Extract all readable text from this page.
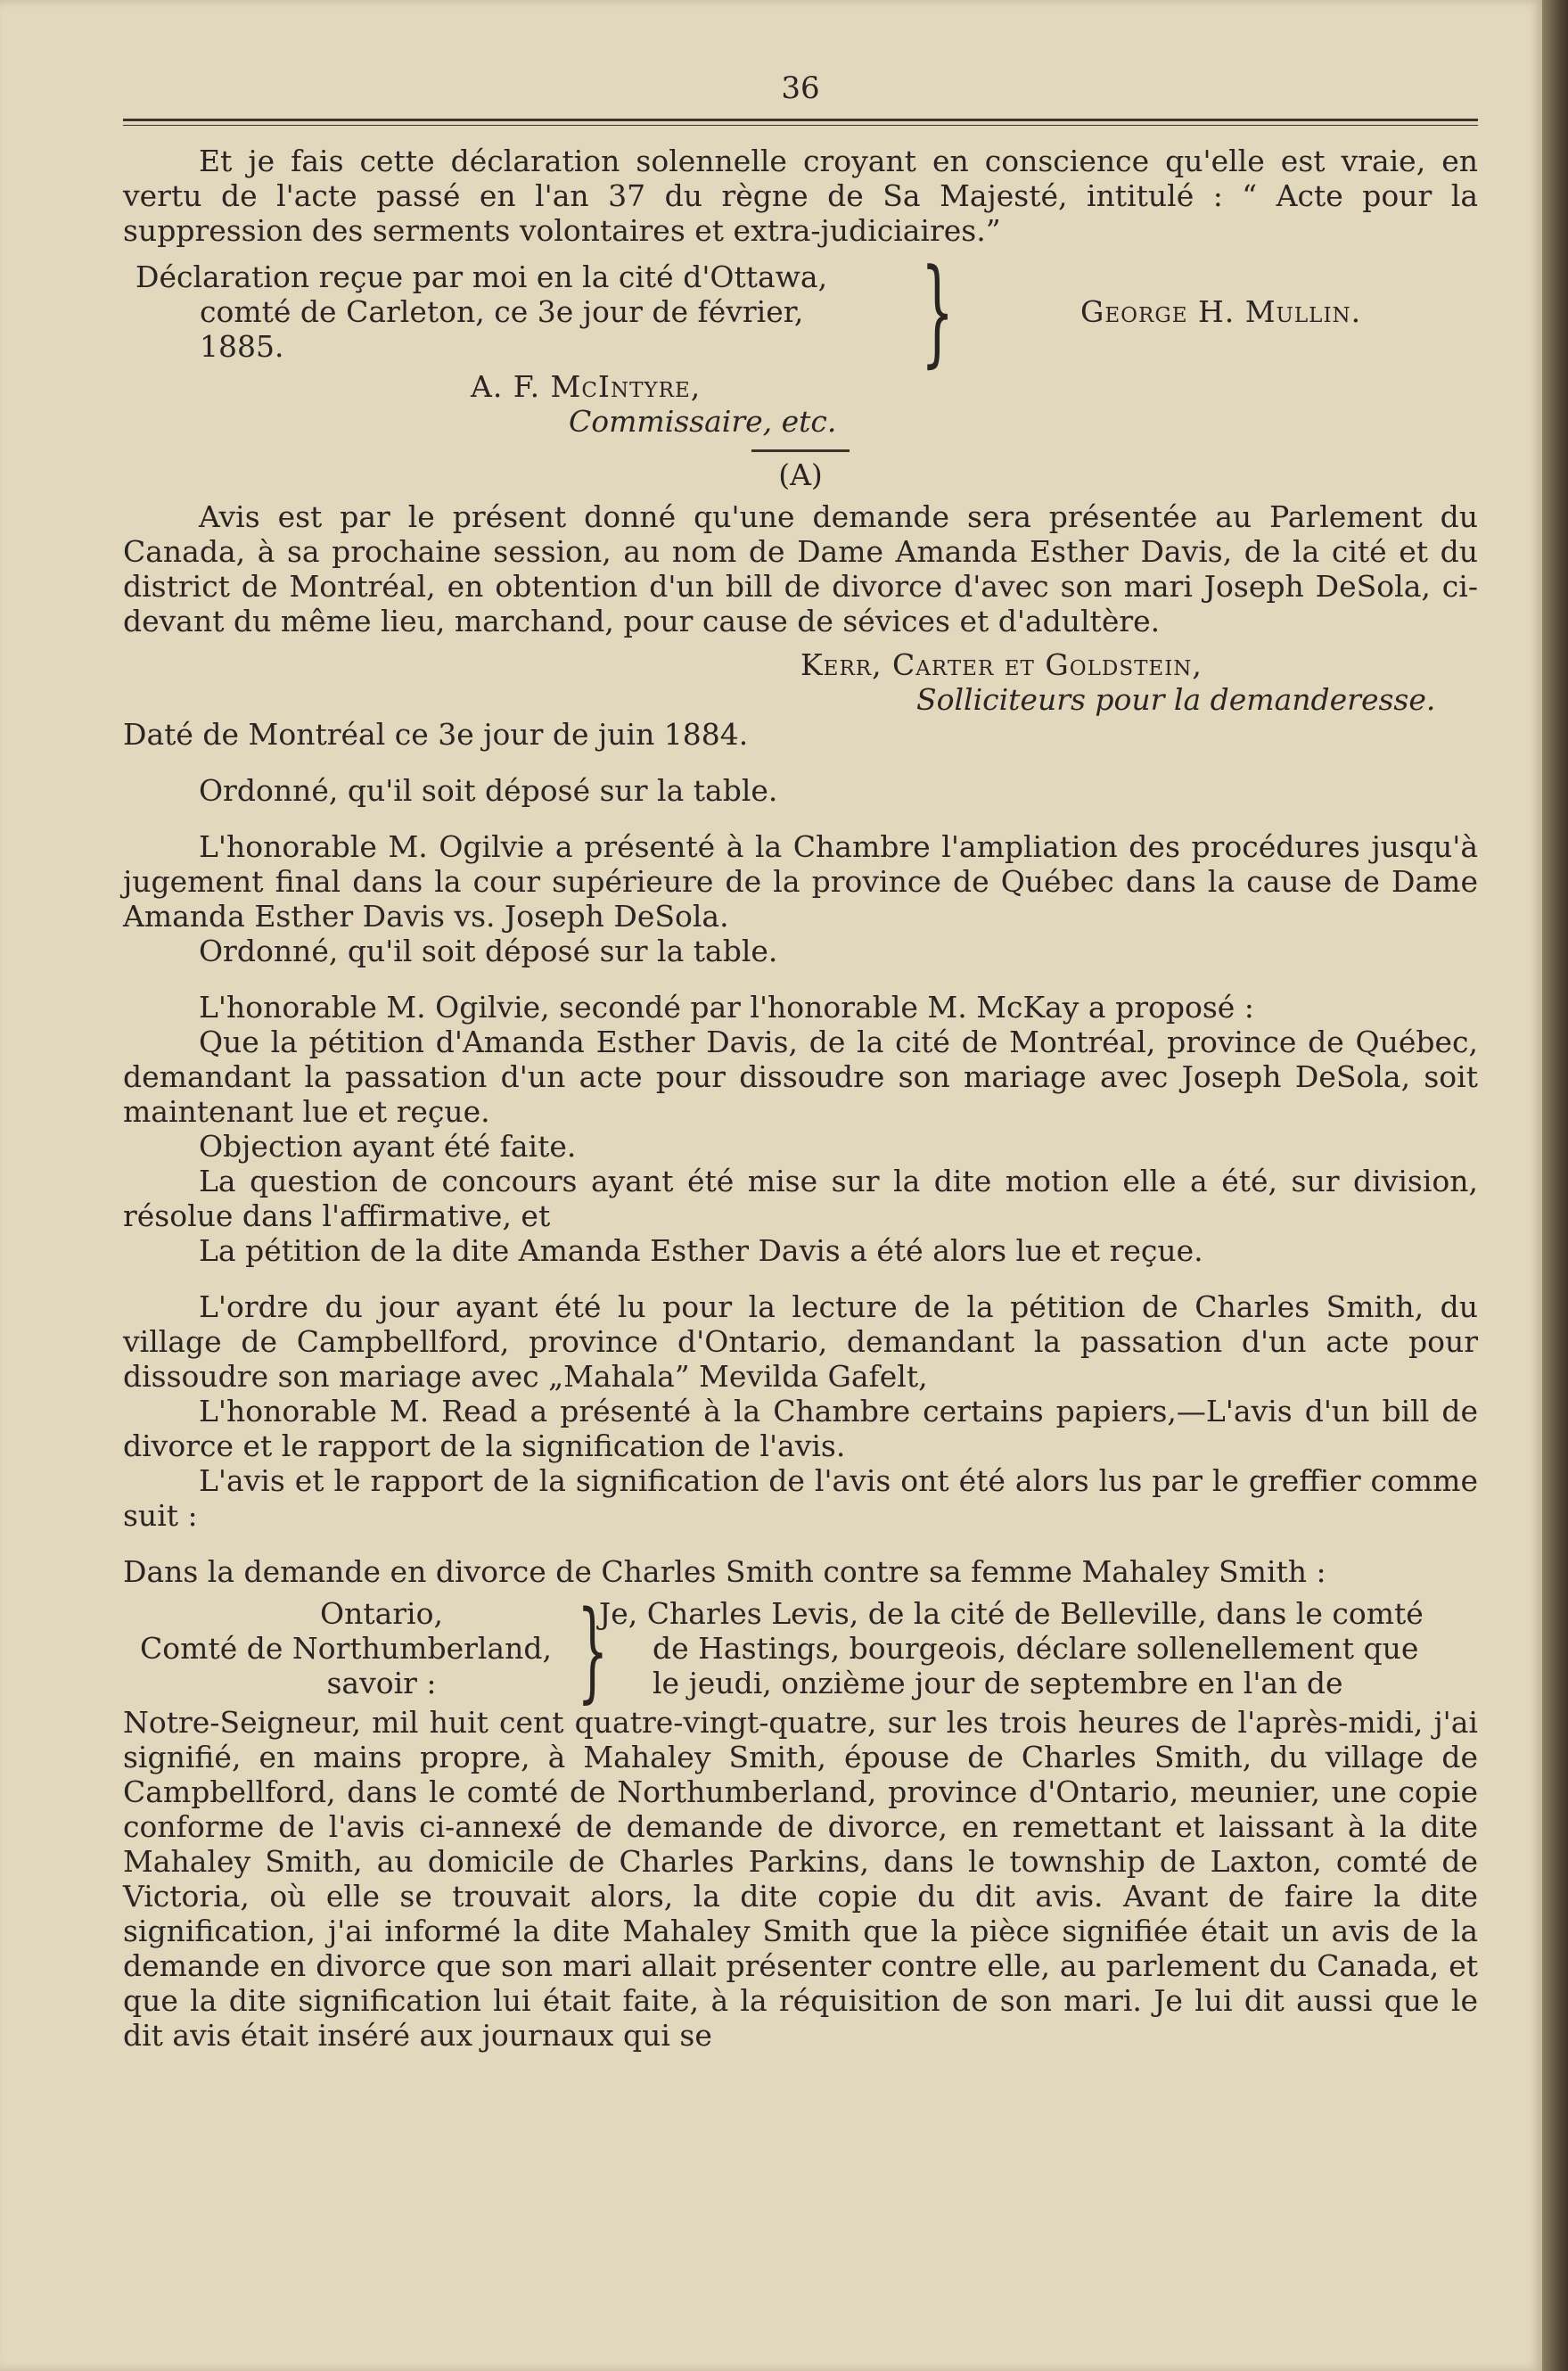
36

Et je fais cette déclaration solennelle croyant en conscience qu'elle est vraie, en vertu de l'acte passé en l'an 37 du règne de Sa Majesté, intitulé : “ Acte pour la suppression des serments volontaires et extra-judiciaires.”

Déclaration reçue par moi en la cité d'Ottawa,
comté de Carleton, ce 3e jour de février,
1885.	}	George H. Mullin.
A. F. McIntyre,
Commissaire, etc.
(A)

Avis est par le présent donné qu'une demande sera présentée au Parlement du Canada, à sa prochaine session, au nom de Dame Amanda Esther Davis, de la cité et du district de Montréal, en obtention d'un bill de divorce d'avec son mari Joseph DeSola, ci-devant du même lieu, marchand, pour cause de sévices et d'adultère.

Kerr, Carter et Goldstein,
Solliciteurs pour la demanderesse.
Daté de Montréal ce 3e jour de juin 1884.

Ordonné, qu'il soit déposé sur la table.

L'honorable M. Ogilvie a présenté à la Chambre l'ampliation des procédures jusqu'à jugement final dans la cour supérieure de la province de Québec dans la cause de Dame Amanda Esther Davis vs. Joseph DeSola.

Ordonné, qu'il soit déposé sur la table.

L'honorable M. Ogilvie, secondé par l'honorable M. McKay a proposé :

Que la pétition d'Amanda Esther Davis, de la cité de Montréal, province de Québec, demandant la passation d'un acte pour dissoudre son mariage avec Joseph DeSola, soit maintenant lue et reçue.

Objection ayant été faite.

La question de concours ayant été mise sur la dite motion elle a été, sur division, résolue dans l'affirmative, et

La pétition de la dite Amanda Esther Davis a été alors lue et reçue.

L'ordre du jour ayant été lu pour la lecture de la pétition de Charles Smith, du village de Campbellford, province d'Ontario, demandant la passation d'un acte pour dissoudre son mariage avec „Mahala” Mevilda Gafelt,

L'honorable M. Read a présenté à la Chambre certains papiers,—L'avis d'un bill de divorce et le rapport de la signification de l'avis.

L'avis et le rapport de la signification de l'avis ont été alors lus par le greffier comme suit :

Dans la demande en divorce de Charles Smith contre sa femme Mahaley Smith :

Ontario,
Comté de Northumberland,
savoir :	}
Je, Charles Levis, de la cité de Belleville, dans le comté
de Hastings, bourgeois, déclare sollenellement que
le jeudi, onzième jour de septembre en l'an de

Notre-Seigneur, mil huit cent quatre-vingt-quatre, sur les trois heures de l'après-midi, j'ai signifié, en mains propre, à Mahaley Smith, épouse de Charles Smith, du village de Campbellford, dans le comté de Northumberland, province d'Ontario, meunier, une copie conforme de l'avis ci-annexé de demande de divorce, en remettant et laissant à la dite Mahaley Smith, au domicile de Charles Parkins, dans le township de Laxton, comté de Victoria, où elle se trouvait alors, la dite copie du dit avis. Avant de faire la dite signification, j'ai informé la dite Mahaley Smith que la pièce signifiée était un avis de la demande en divorce que son mari allait présenter contre elle, au parlement du Canada, et que la dite signification lui était faite, à la réquisition de son mari. Je lui dit aussi que le dit avis était inséré aux journaux qui se
